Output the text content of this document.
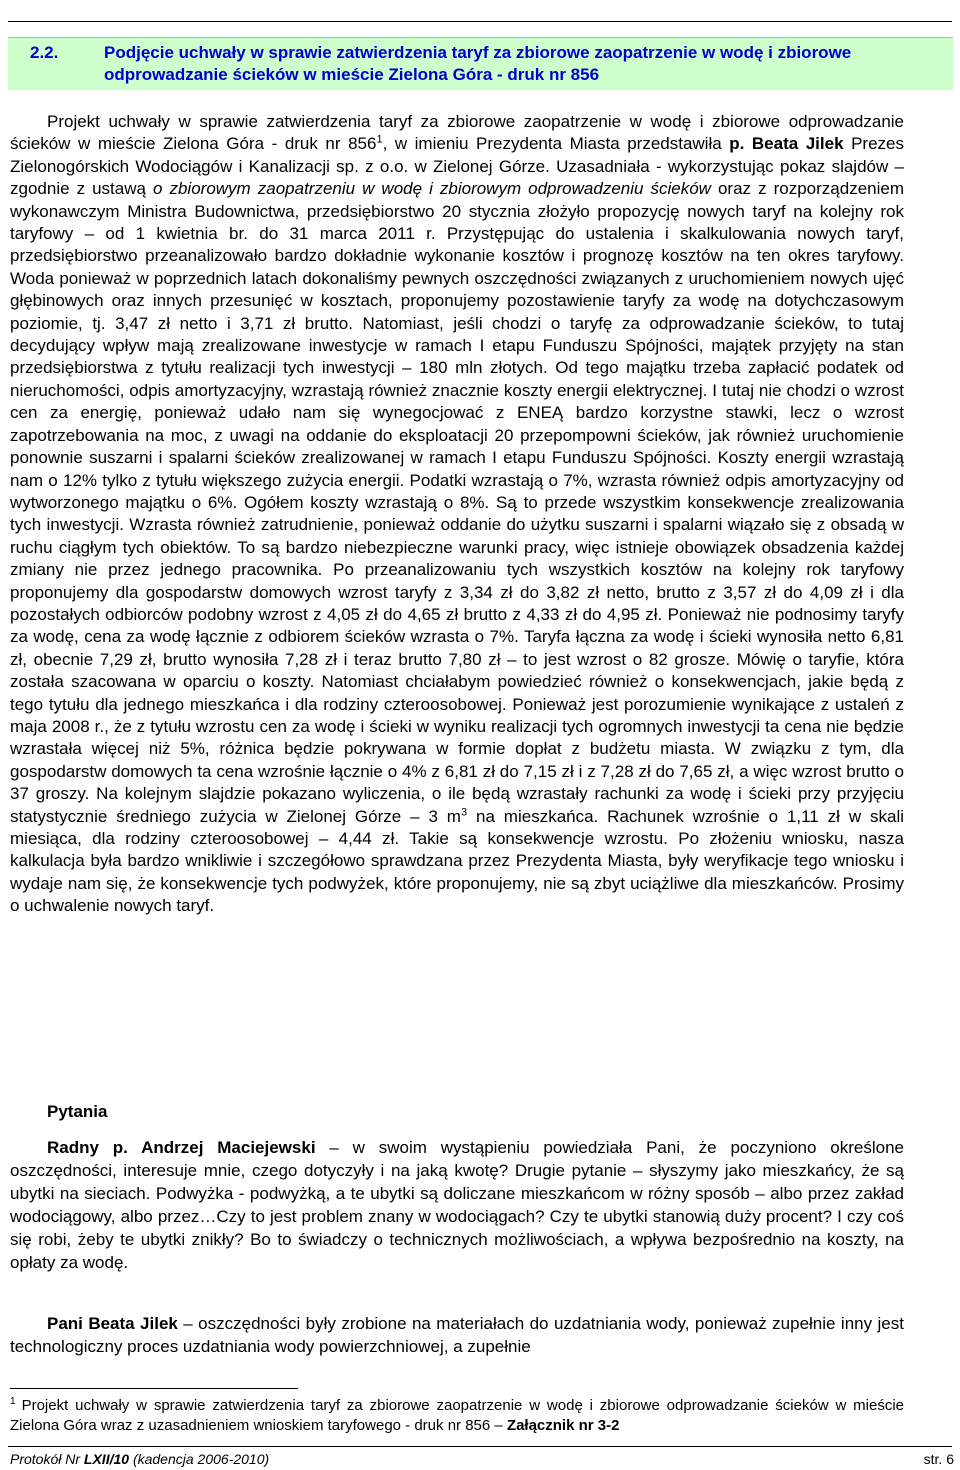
LXII nadzwyczajna sesja Rady Miasta Zielona Góra – 5 marca 2010 r.
2.2.	Podjęcie uchwały w sprawie zatwierdzenia taryf za zbiorowe zaopatrzenie w wodę i zbiorowe odprowadzanie ścieków w mieście Zielona Góra - druk nr 856

Projekt uchwały w sprawie zatwierdzenia taryf za zbiorowe zaopatrzenie w wodę i zbiorowe odprowadzanie ścieków w mieście Zielona Góra - druk nr $856^1$, w imieniu Prezydenta Miasta przedstawiła p. Beata Jilek Prezes Zielonogórskich Wodociągów i Kanalizacji sp. z o.o. w Zielonej Górze. Uzasadniała - wykorzystując pokaz slajdów – zgodnie z ustawą o zbiorowym zaopatrzeniu w wodę i zbiorowym odprowadzeniu ścieków oraz z rozporządzeniem wykonawczym Ministra Budownictwa, przedsiębiorstwo 20 stycznia złożyło propozycję nowych taryf na kolejny rok taryfowy – od 1 kwietnia br. do 31 marca 2011 r. Przystępując do ustalenia i skalkulowania nowych taryf, przedsiębiorstwo przeanalizowało bardzo dokładnie wykonanie kosztów i prognozę kosztów na ten okres taryfowy. Woda ponieważ w poprzednich latach dokonaliśmy pewnych oszczędności związanych z uruchomieniem nowych ujęć głębinowych oraz innych przesunięć w kosztach, proponujemy pozostawienie taryfy za wodę na dotychczasowym poziomie, tj. 3,47 zł netto i 3,71 zł brutto. Natomiast, jeśli chodzi o taryfę za odprowadzanie ścieków, to tutaj decydujący wpływ mają zrealizowane inwestycje w ramach I etapu Funduszu Spójności, majątek przyjęty na stan przedsiębiorstwa z tytułu realizacji tych inwestycji – 180 mln złotych. Od tego majątku trzeba zapłacić podatek od nieruchomości, odpis amortyzacyjny, wzrastają również znacznie koszty energii elektrycznej. I tutaj nie chodzi o wzrost cen za energię, ponieważ udało nam się wynegocjować z ENEĄ bardzo korzystne stawki, lecz o wzrost zapotrzebowania na moc, z uwagi na oddanie do eksploatacji 20 przepompowni ścieków, jak również uruchomienie ponownie suszarni i spalarni ścieków zrealizowanej w ramach I etapu Funduszu Spójności. Koszty energii wzrastają nam o 12% tylko z tytułu większego zużycia energii. Podatki wzrastają o 7%, wzrasta również odpis amortyzacyjny od wytworzonego majątku o 6%. Ogółem koszty wzrastają o 8%. Są to przede wszystkim konsekwencje zrealizowania tych inwestycji. Wzrasta również zatrudnienie, ponieważ oddanie do użytku suszarni i spalarni wiązało się z obsadą w ruchu ciągłym tych obiektów. To są bardzo niebezpieczne warunki pracy, więc istnieje obowiązek obsadzenia każdej zmiany nie przez jednego pracownika. Po przeanalizowaniu tych wszystkich kosztów na kolejny rok taryfowy proponujemy dla gospodarstw domowych wzrost taryfy z 3,34 zł do 3,82 zł netto, brutto z 3,57 zł do 4,09 zł i dla pozostałych odbiorców podobny wzrost z 4,05 zł do 4,65 zł brutto z 4,33 zł do 4,95 zł. Ponieważ nie podnosimy taryfy za wodę, cena za wodę łącznie z odbiorem ścieków wzrasta o 7%. Taryfa łączna za wodę i ścieki wynosiła netto 6,81 zł, obecnie 7,29 zł, brutto wynosiła 7,28 zł i teraz brutto 7,80 zł – to jest wzrost o 82 grosze. Mówię o taryfie, która została szacowana w oparciu o koszty. Natomiast chciałabym powiedzieć również o konsekwencjach, jakie będą z tego tytułu dla jednego mieszkańca i dla rodziny czteroosobowej. Ponieważ jest porozumienie wynikające z ustaleń z maja 2008 r., że z tytułu wzrostu cen za wodę i ścieki w wyniku realizacji tych ogromnych inwestycji ta cena nie będzie wzrastała więcej niż 5%, różnica będzie pokrywana w formie dopłat z budżetu miasta. W związku z tym, dla gospodarstw domowych ta cena wzrośnie łącznie o 4% z 6,81 zł do 7,15 zł i z 7,28 zł do 7,65 zł, a więc wzrost brutto o 37 groszy. Na kolejnym slajdzie pokazano wyliczenia, o ile będą wzrastały rachunki za wodę i ścieki przy przyjęciu statystycznie średniego zużycia w Zielonej Górze – 3 $m^3$ na mieszkańca. Rachunek wzrośnie o 1,11 zł w skali miesiąca, dla rodziny czteroosobowej – 4,44 zł. Takie są konsekwencje wzrostu. Po złożeniu wniosku, nasza kalkulacja była bardzo wnikliwie i szczegółowo sprawdzana przez Prezydenta Miasta, były weryfikacje tego wniosku i wydaje nam się, że konsekwencje tych podwyżek, które proponujemy, nie są zbyt uciążliwe dla mieszkańców. Prosimy o uchwalenie nowych taryf.

Pytania
Radny p. Andrzej Maciejewski – w swoim wystąpieniu powiedziała Pani, że poczyniono określone oszczędności, interesuje mnie, czego dotyczyły i na jaką kwotę? Drugie pytanie – słyszymy jako mieszkańcy, że są ubytki na sieciach. Podwyżka - podwyżką, a te ubytki są doliczane mieszkańcom w różny sposób – albo przez zakład wodociągowy, albo przez…Czy to jest problem znany w wodociągach? Czy te ubytki stanowią duży procent? I czy coś się robi, żeby te ubytki znikły? Bo to świadczy o technicznych możliwościach, a wpływa bezpośrednio na koszty, na opłaty za wodę.
Pani Beata Jilek – oszczędności były zrobione na materiałach do uzdatniania wody, ponieważ zupełnie inny jest technologiczny proces uzdatniania wody powierzchniowej, a zupełnie
$^1$ Projekt uchwały w sprawie zatwierdzenia taryf za zbiorowe zaopatrzenie w wodę i zbiorowe odprowadzanie ścieków w mieście Zielona Góra wraz z uzasadnieniem wnioskiem taryfowego - druk nr 856 – Załącznik nr 3-2
Protokół Nr LXII/10 (kadencja 2006-2010)	str. 6
